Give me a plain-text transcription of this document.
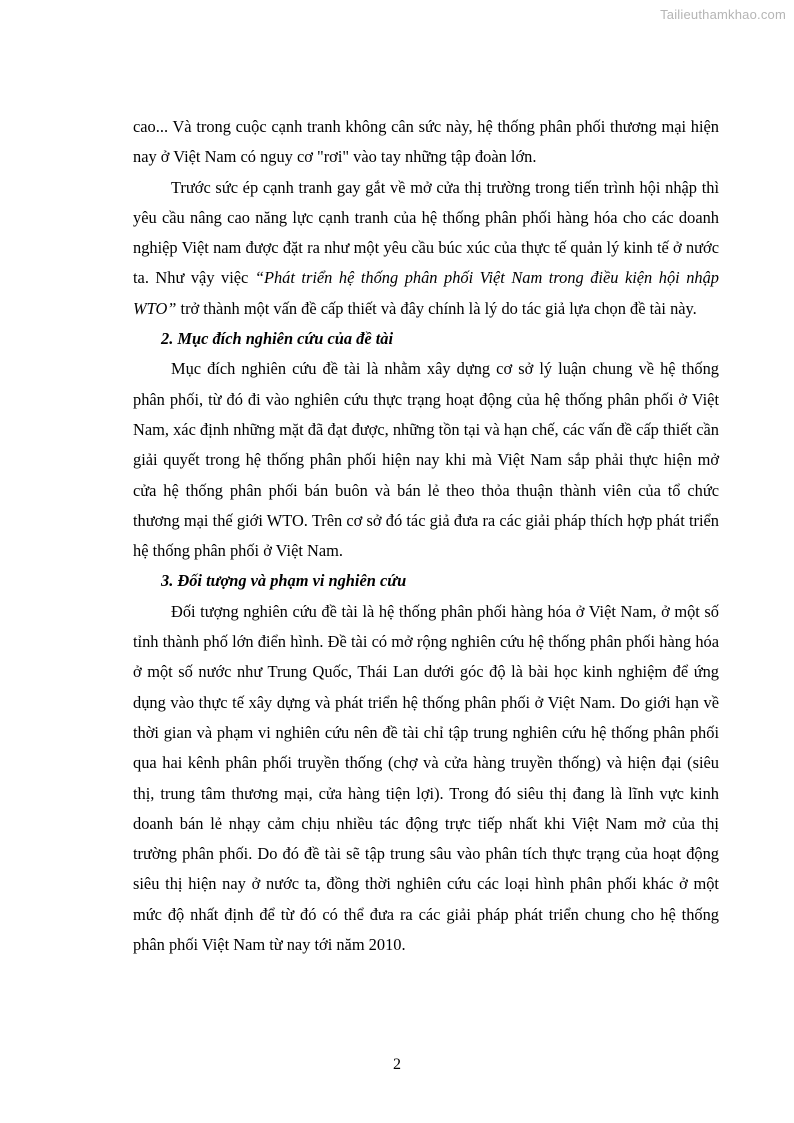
Tailieuthamkhao.com

cao... Và trong cuộc cạnh tranh không cân sức này, hệ thống phân phối thương mại hiện nay ở Việt Nam có nguy cơ "rơi" vào tay những tập đoàn lớn.

Trước sức ép cạnh tranh gay gắt về mở cửa thị trường trong tiến trình hội nhập thì yêu cầu nâng cao năng lực cạnh tranh của hệ thống phân phối hàng hóa cho các doanh nghiệp Việt nam được đặt ra như một yêu cầu búc xúc của thực tế quản lý kinh tế ở nước ta. Như vậy việc “Phát triển hệ thống phân phối Việt Nam trong điều kiện hội nhập WTO” trở thành một vấn đề cấp thiết và đây chính là lý do tác giả lựa chọn đề tài này.

2. Mục đích nghiên cứu của đề tài

Mục đích nghiên cứu đề tài là nhằm xây dựng cơ sở lý luận chung về hệ thống phân phối, từ đó đi vào nghiên cứu thực trạng hoạt động của hệ thống phân phối ở Việt Nam, xác định những mặt đã đạt được, những tồn tại và hạn chế, các vấn đề cấp thiết cần giải quyết trong hệ thống phân phối hiện nay khi mà Việt Nam sắp phải thực hiện mở cửa hệ thống phân phối bán buôn và bán lẻ theo thỏa thuận thành viên của tổ chức thương mại thế giới WTO. Trên cơ sở đó tác giả đưa ra các giải pháp thích hợp phát triển hệ thống phân phối ở Việt Nam.

3. Đối tượng và phạm vi nghiên cứu

Đối tượng nghiên cứu đề tài là hệ thống phân phối hàng hóa ở Việt Nam, ở một số tỉnh thành phố lớn điển hình. Đề tài có mở rộng nghiên cứu hệ thống phân phối hàng hóa ở một số nước như Trung Quốc, Thái Lan dưới góc độ là bài học kinh nghiệm để ứng dụng vào thực tế xây dựng và phát triển hệ thống phân phối ở Việt Nam. Do giới hạn về thời gian và phạm vi nghiên cứu nên đề tài chỉ tập trung nghiên cứu hệ thống phân phối qua hai kênh phân phối truyền thống (chợ và cửa hàng truyền thống) và hiện đại (siêu thị, trung tâm thương mại, cửa hàng tiện lợi). Trong đó siêu thị đang là lĩnh vực kinh doanh bán lẻ nhạy cảm chịu nhiều tác động trực tiếp nhất khi Việt Nam mở của thị trường phân phối. Do đó đề tài sẽ tập trung sâu vào phân tích thực trạng của hoạt động siêu thị hiện nay ở nước ta, đồng thời nghiên cứu các loại hình phân phối khác ở một mức độ nhất định để từ đó có thể đưa ra các giải pháp phát triển chung cho hệ thống phân phối Việt Nam từ nay tới năm 2010.

2
